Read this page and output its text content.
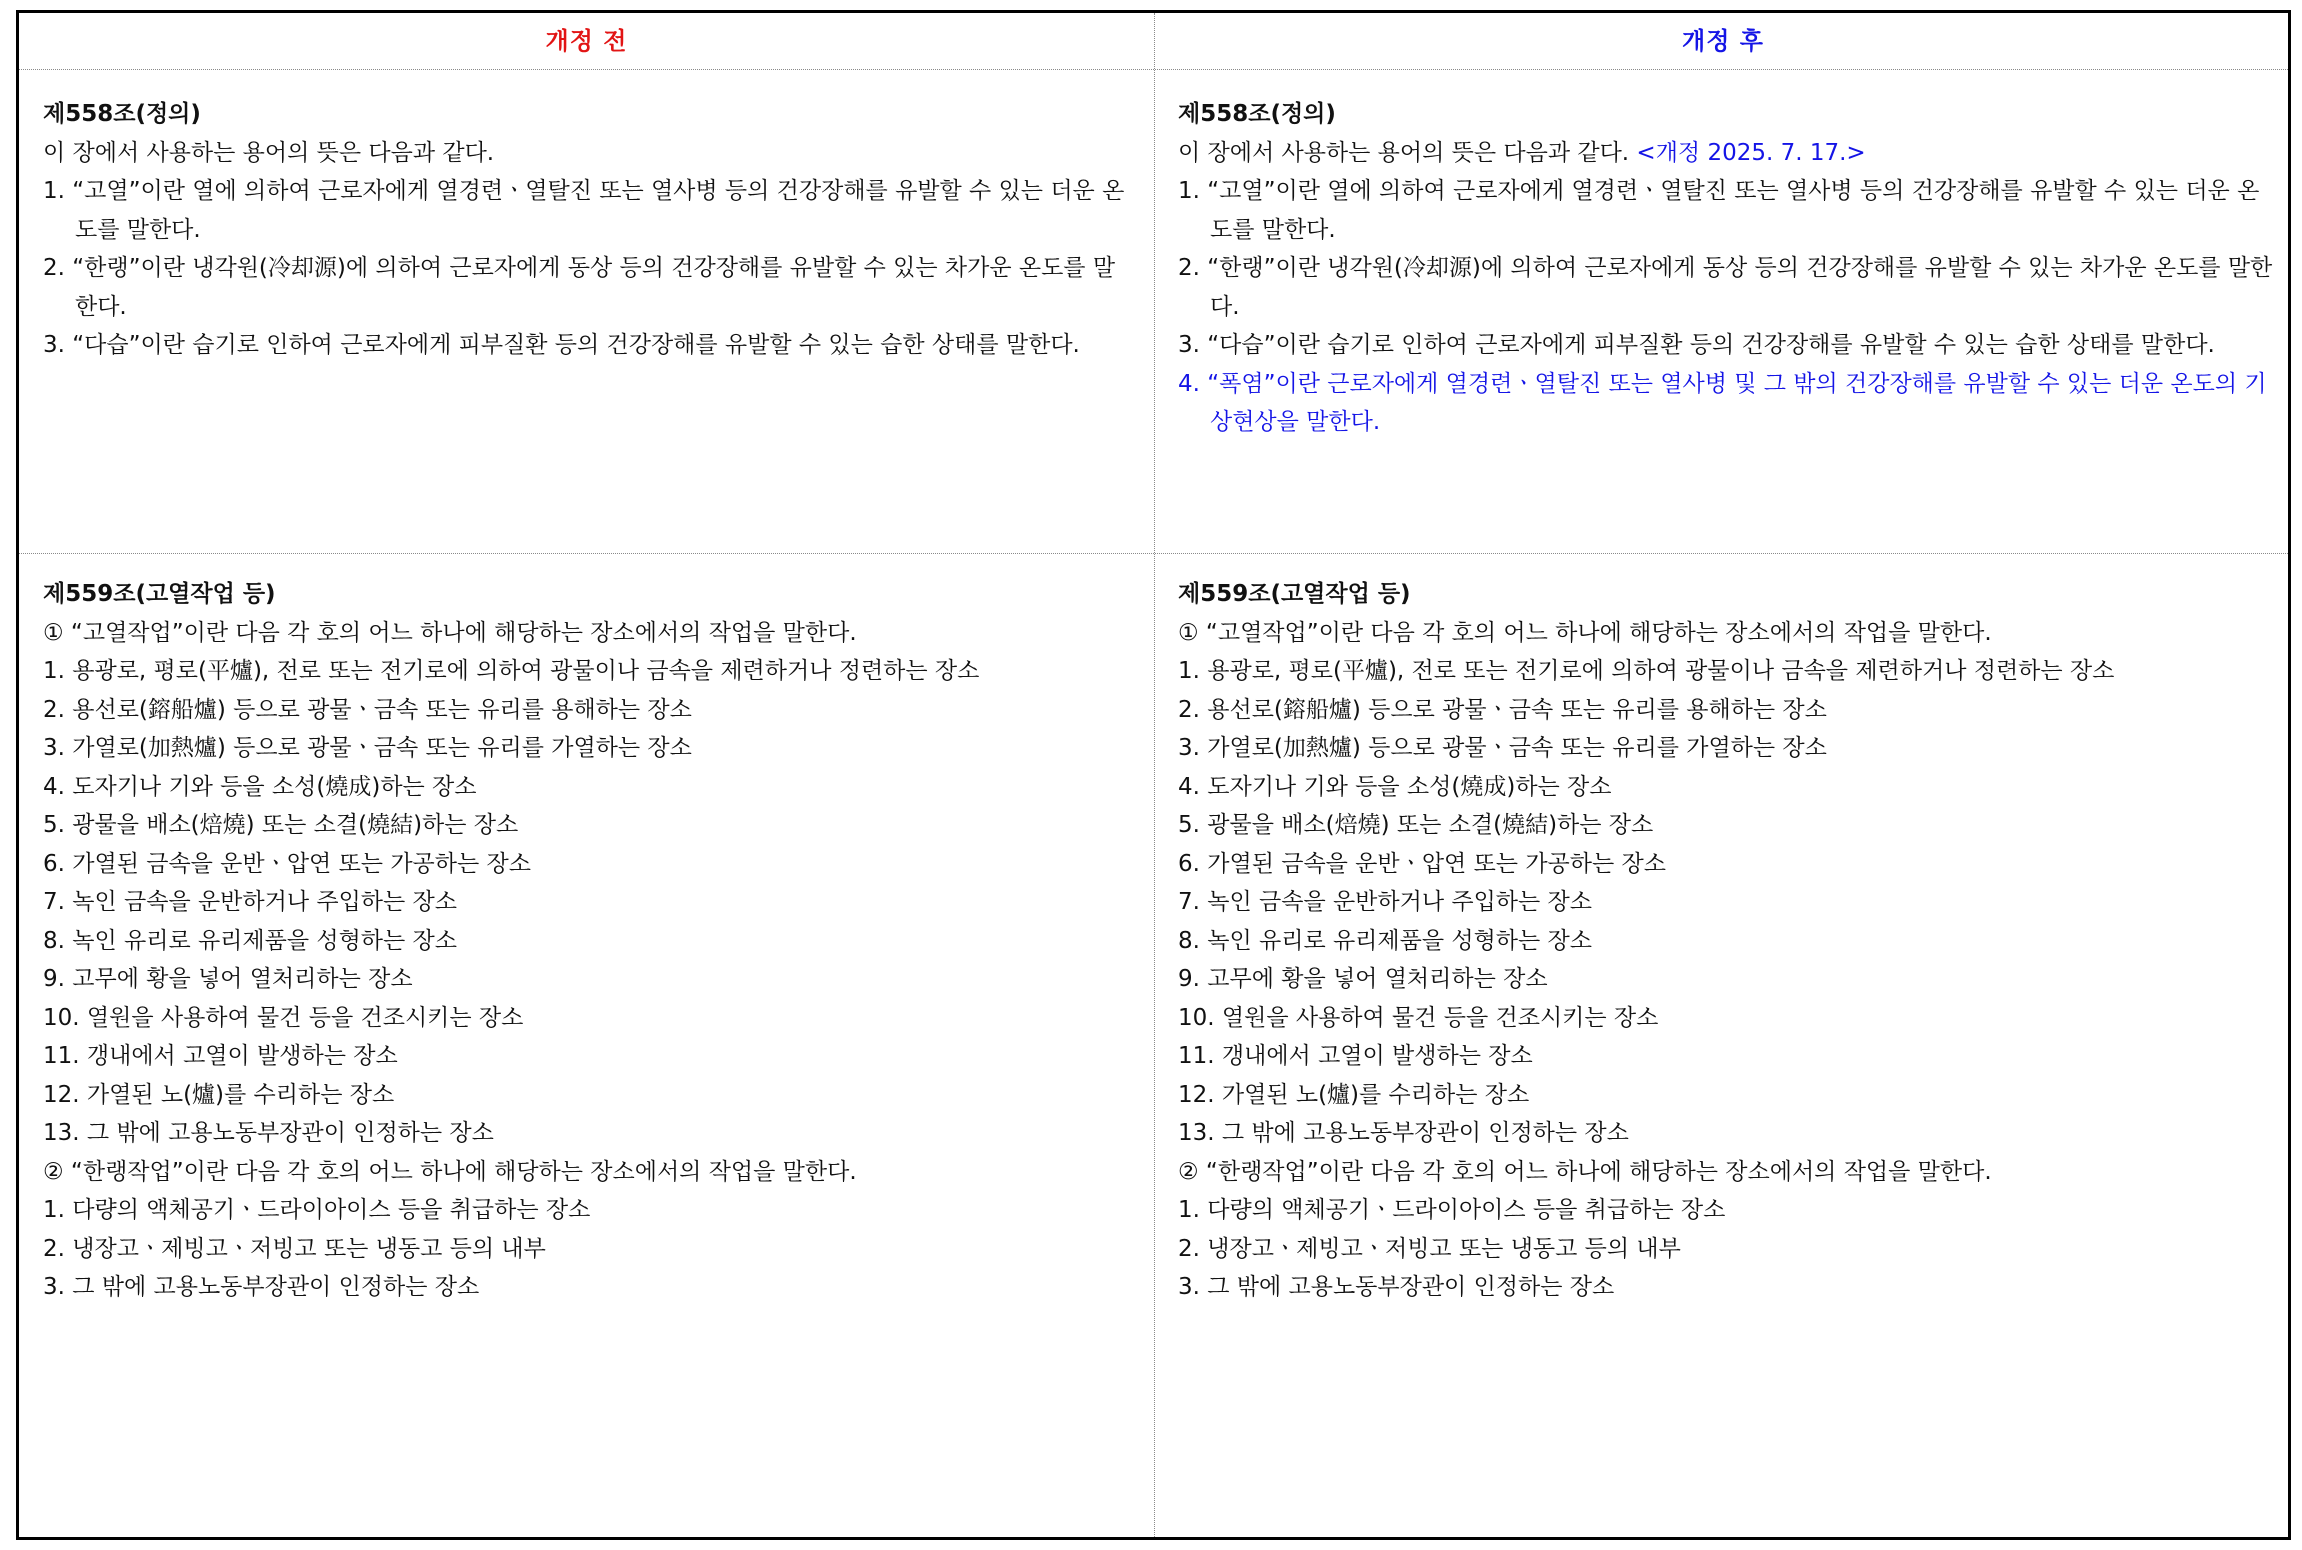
개정 전	개정 후
제558조(정의)
이 장에서 사용하는 용어의 뜻은 다음과 같다.
1. “고열”이란 열에 의하여 근로자에게 열경련ㆍ열탈진 또는 열사병 등의 건강장해를 유발할 수 있는 더운 온도를 말한다.
2. “한랭”이란 냉각원(冷却源)에 의하여 근로자에게 동상 등의 건강장해를 유발할 수 있는 차가운 온도를 말한다.
3. “다습”이란 습기로 인하여 근로자에게 피부질환 등의 건강장해를 유발할 수 있는 습한 상태를 말한다.
제558조(정의)
이 장에서 사용하는 용어의 뜻은 다음과 같다. <개정 2025. 7. 17.>
1. “고열”이란 열에 의하여 근로자에게 열경련ㆍ열탈진 또는 열사병 등의 건강장해를 유발할 수 있는 더운 온도를 말한다.
2. “한랭”이란 냉각원(冷却源)에 의하여 근로자에게 동상 등의 건강장해를 유발할 수 있는 차가운 온도를 말한다.
3. “다습”이란 습기로 인하여 근로자에게 피부질환 등의 건강장해를 유발할 수 있는 습한 상태를 말한다.
4. “폭염”이란 근로자에게 열경련ㆍ열탈진 또는 열사병 및 그 밖의 건강장해를 유발할 수 있는 더운 온도의 기상현상을 말한다.
제559조(고열작업 등)
① “고열작업”이란 다음 각 호의 어느 하나에 해당하는 장소에서의 작업을 말한다.
1. 용광로, 평로(平爐), 전로 또는 전기로에 의하여 광물이나 금속을 제련하거나 정련하는 장소
2. 용선로(鎔船爐) 등으로 광물ㆍ금속 또는 유리를 용해하는 장소
3. 가열로(加熱爐) 등으로 광물ㆍ금속 또는 유리를 가열하는 장소
4. 도자기나 기와 등을 소성(燒成)하는 장소
5. 광물을 배소(焙燒) 또는 소결(燒結)하는 장소
6. 가열된 금속을 운반ㆍ압연 또는 가공하는 장소
7. 녹인 금속을 운반하거나 주입하는 장소
8. 녹인 유리로 유리제품을 성형하는 장소
9. 고무에 황을 넣어 열처리하는 장소
10. 열원을 사용하여 물건 등을 건조시키는 장소
11. 갱내에서 고열이 발생하는 장소
12. 가열된 노(爐)를 수리하는 장소
13. 그 밖에 고용노동부장관이 인정하는 장소
② “한랭작업”이란 다음 각 호의 어느 하나에 해당하는 장소에서의 작업을 말한다.
1. 다량의 액체공기ㆍ드라이아이스 등을 취급하는 장소
2. 냉장고ㆍ제빙고ㆍ저빙고 또는 냉동고 등의 내부
3. 그 밖에 고용노동부장관이 인정하는 장소
제559조(고열작업 등)
① “고열작업”이란 다음 각 호의 어느 하나에 해당하는 장소에서의 작업을 말한다.
1. 용광로, 평로(平爐), 전로 또는 전기로에 의하여 광물이나 금속을 제련하거나 정련하는 장소
2. 용선로(鎔船爐) 등으로 광물ㆍ금속 또는 유리를 용해하는 장소
3. 가열로(加熱爐) 등으로 광물ㆍ금속 또는 유리를 가열하는 장소
4. 도자기나 기와 등을 소성(燒成)하는 장소
5. 광물을 배소(焙燒) 또는 소결(燒結)하는 장소
6. 가열된 금속을 운반ㆍ압연 또는 가공하는 장소
7. 녹인 금속을 운반하거나 주입하는 장소
8. 녹인 유리로 유리제품을 성형하는 장소
9. 고무에 황을 넣어 열처리하는 장소
10. 열원을 사용하여 물건 등을 건조시키는 장소
11. 갱내에서 고열이 발생하는 장소
12. 가열된 노(爐)를 수리하는 장소
13. 그 밖에 고용노동부장관이 인정하는 장소
② “한랭작업”이란 다음 각 호의 어느 하나에 해당하는 장소에서의 작업을 말한다.
1. 다량의 액체공기ㆍ드라이아이스 등을 취급하는 장소
2. 냉장고ㆍ제빙고ㆍ저빙고 또는 냉동고 등의 내부
3. 그 밖에 고용노동부장관이 인정하는 장소
